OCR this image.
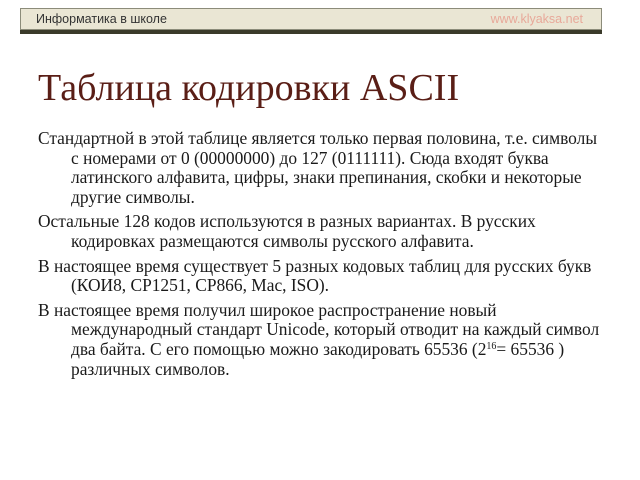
Информатика в школе	www.klyaksa.net
Таблица кодировки ASCII

Стандартной в этой таблице является только первая половина, т.е. символы с номерами от 0 (00000000) до 127 (0111111). Сюда входят буква латинского алфавита, цифры, знаки препинания, скобки и некоторые другие символы.

Остальные 128 кодов используются в разных вариантах. В русских кодировках размещаются символы русского алфавита.

В настоящее время существует 5 разных кодовых таблиц для русских букв (КОИ8, СР1251, СР866, Mac, ISO).

В настоящее время получил широкое распространение новый международный стандарт Unicode, который отводит на каждый символ два байта. С его помощью можно закодировать 65536 ($2^{16}= 65536$ ) различных символов.
